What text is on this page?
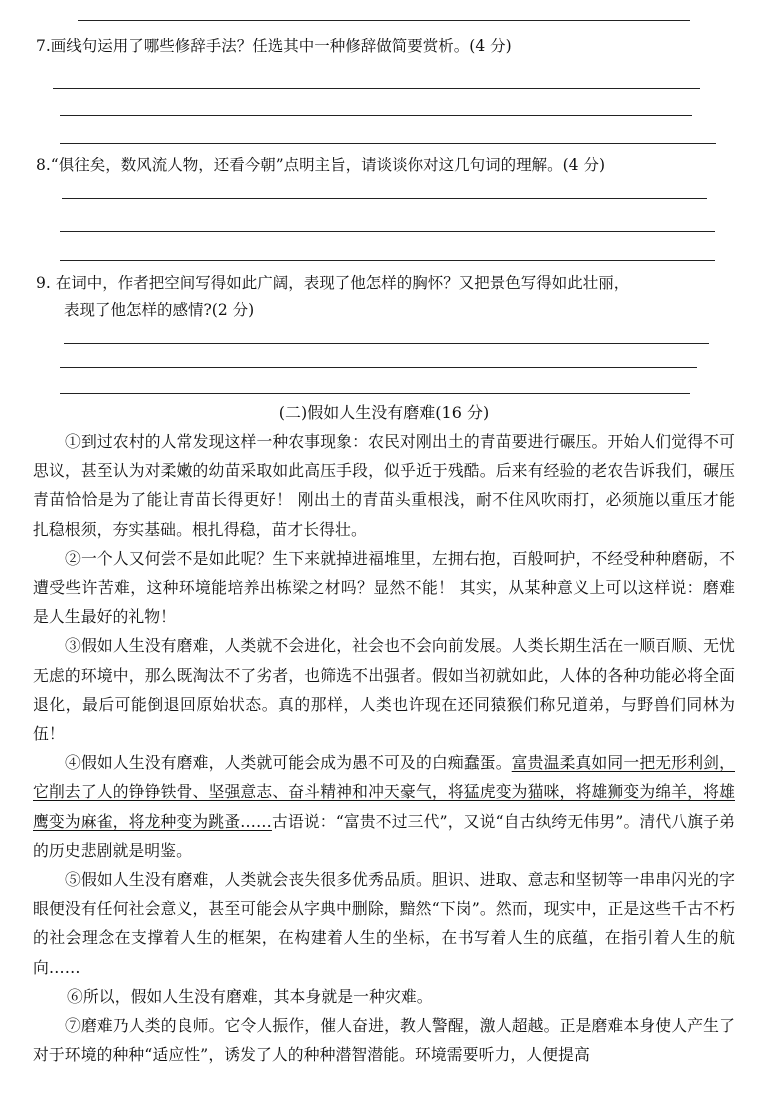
7.画线句运用了哪些修辞手法？任选其中一种修辞做简要赏析。(4 分)
8.“俱往矣，数风流人物，还看今朝”点明主旨，请谈谈你对这几句词的理解。(4 分)
9. 在词中，作者把空间写得如此广阔，表现了他怎样的胸怀？又把景色写得如此壮丽，
表现了他怎样的感情?(2 分)
(二)假如人生没有磨难(16 分)

①到过农村的人常发现这样一种农事现象：农民对刚出土的青苗要进行碾压。开始人们觉得不可思议，甚至认为对柔嫩的幼苗采取如此高压手段，似乎近于残酷。后来有经验的老农告诉我们，碾压青苗恰恰是为了能让青苗长得更好！ 刚出土的青苗头重根浅，耐不住风吹雨打，必须施以重压才能扎稳根须，夯实基础。根扎得稳，苗才长得壮。

②一个人又何尝不是如此呢？生下来就掉进福堆里，左拥右抱，百般呵护，不经受种种磨砺，不遭受些许苦难，这种环境能培养出栋梁之材吗？显然不能！ 其实，从某种意义上可以这样说：磨难是人生最好的礼物！

③假如人生没有磨难，人类就不会进化，社会也不会向前发展。人类长期生活在一顺百顺、无忧无虑的环境中，那么既淘汰不了劣者，也筛选不出强者。假如当初就如此，人体的各种功能必将全面退化，最后可能倒退回原始状态。真的那样，人类也许现在还同猿猴们称兄道弟，与野兽们同林为伍！

④假如人生没有磨难，人类就可能会成为愚不可及的白痴蠢蛋。富贵温柔真如同一把无形利剑，它削去了人的铮铮铁骨、坚强意志、奋斗精神和冲天豪气，将猛虎变为猫咪，将雄狮变为绵羊，将雄鹰变为麻雀，将龙种变为跳蚤……古语说：“富贵不过三代”，又说“自古纨绔无伟男”。清代八旗子弟的历史悲剧就是明鉴。

⑤假如人生没有磨难，人类就会丧失很多优秀品质。胆识、进取、意志和坚韧等一串串闪光的字眼便没有任何社会意义，甚至可能会从字典中删除，黯然“下岗”。然而，现实中，正是这些千古不朽的社会理念在支撑着人生的框架，在构建着人生的坐标，在书写着人生的底蕴，在指引着人生的航向……

⑥所以，假如人生没有磨难，其本身就是一种灾难。

⑦磨难乃人类的良师。它令人振作，催人奋进，教人警醒，激人超越。正是磨难本身使人产生了对于环境的种种“适应性”，诱发了人的种种潜智潜能。环境需要听力，人便提高
